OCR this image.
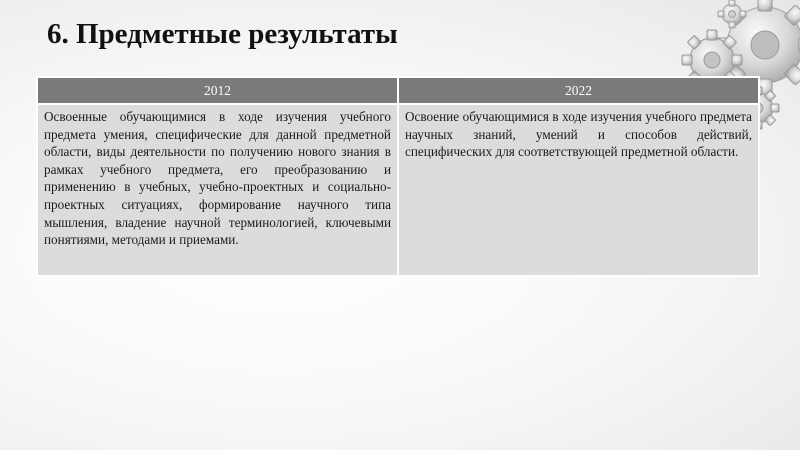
6. Предметные результаты
2012	2022
Освоенные обучающимися в ходе изучения учебного предмета умения, специфические для данной предметной области, виды деятельности по получению нового знания в рамках учебного предмета, его преобразованию и применению в учебных, учебно-проектных и социально-проектных ситуациях, формирование научного типа мышления, владение научной терминологией, ключевыми понятиями, методами и приемами.	Освоение обучающимися в ходе изучения учебного предмета научных знаний, умений и способов действий, специфических для соответствующей предметной области.
